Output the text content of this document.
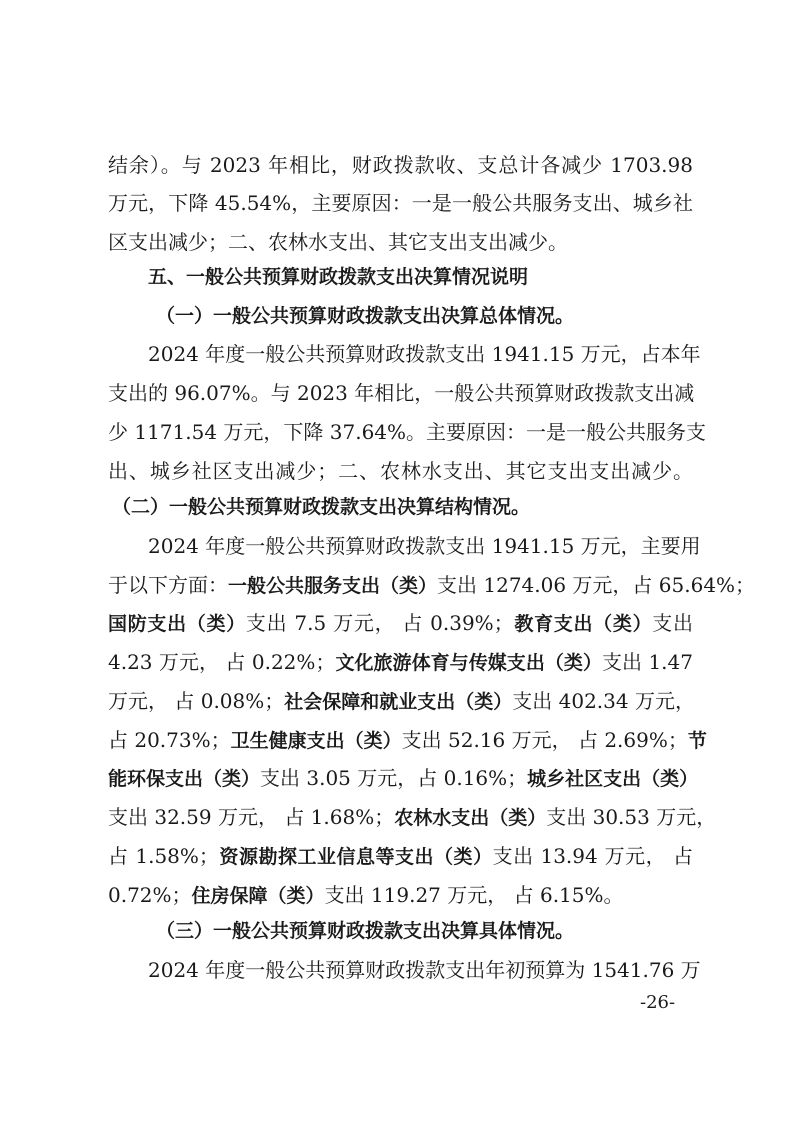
结余）。与 2023 年相比，财政拨款收、支总计各减少 1703.98
万元，下降 45.54%，主要原因：一是一般公共服务支出、城乡社
区支出减少；二、农林水支出、其它支出支出减少。
五、一般公共预算财政拨款支出决算情况说明
（一）一般公共预算财政拨款支出决算总体情况。
2024 年度一般公共预算财政拨款支出 1941.15 万元，占本年
支出的 96.07%。与 2023 年相比，一般公共预算财政拨款支出减
少 1171.54 万元，下降 37.64%。主要原因：一是一般公共服务支
出、城乡社区支出减少；二、农林水支出、其它支出支出减少。
（二）一般公共预算财政拨款支出决算结构情况。
2024 年度一般公共预算财政拨款支出 1941.15 万元，主要用
于以下方面：一般公共服务支出（类）支出 1274.06 万元，占 65.64%；
国防支出（类）支出 7.5 万元， 占 0.39%；教育支出（类）支出
4.23 万元， 占 0.22%；文化旅游体育与传媒支出（类）支出 1.47
万元， 占 0.08%；社会保障和就业支出（类）支出 402.34 万元，
占 20.73%；卫生健康支出（类）支出 52.16 万元， 占 2.69%；节
能环保支出（类）支出 3.05 万元，占 0.16%；城乡社区支出（类）
支出 32.59 万元， 占 1.68%；农林水支出（类）支出 30.53 万元，
占 1.58%；资源勘探工业信息等支出（类）支出 13.94 万元， 占
0.72%；住房保障（类）支出 119.27 万元， 占 6.15%。
（三）一般公共预算财政拨款支出决算具体情况。
2024 年度一般公共预算财政拨款支出年初预算为 1541.76 万
-26-
